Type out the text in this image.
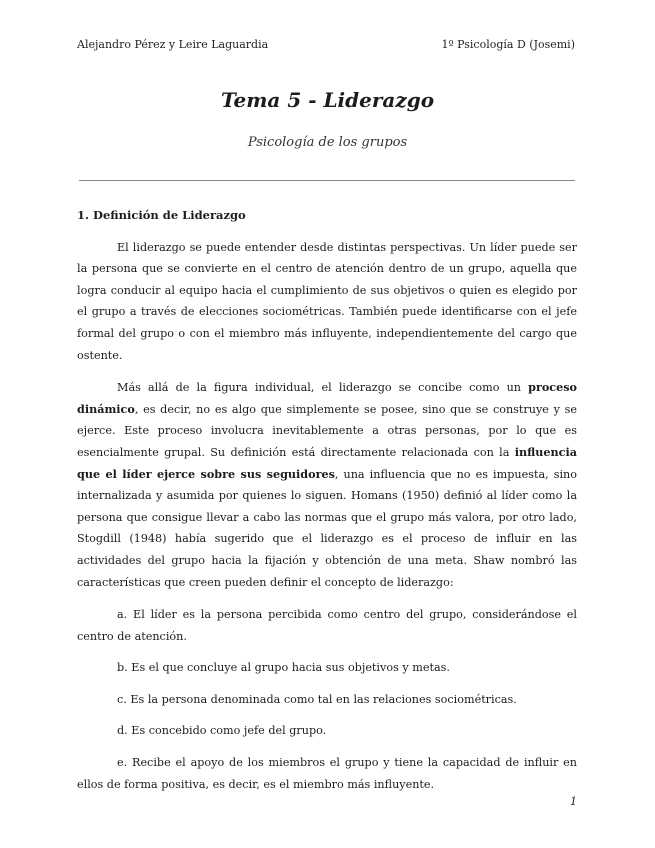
Alejandro Pérez y Leire Laguardia	1º Psicología D (Josemi)
Tema 5 - Liderazgo
Psicología de los grupos
1. Definición de Liderazgo

El liderazgo se puede entender desde distintas perspectivas. Un líder puede ser la persona que se convierte en el centro de atención dentro de un grupo, aquella que logra conducir al equipo hacia el cumplimiento de sus objetivos o quien es elegido por el grupo a través de elecciones sociométricas. También puede identificarse con el jefe formal del grupo o con el miembro más influyente, independientemente del cargo que ostente.

Más allá de la figura individual, el liderazgo se concibe como un proceso dinámico, es decir, no es algo que simplemente se posee, sino que se construye y se ejerce. Este proceso involucra inevitablemente a otras personas, por lo que es esencialmente grupal. Su definición está directamente relacionada con la influencia que el líder ejerce sobre sus seguidores, una influencia que no es impuesta, sino internalizada y asumida por quienes lo siguen. Homans (1950) definió al líder como la persona que consigue llevar a cabo las normas que el grupo más valora, por otro lado, Stogdill (1948) había sugerido que el liderazgo es el proceso de influir en las actividades del grupo hacia la fijación y obtención de una meta. Shaw nombró las características que creen pueden definir el concepto de liderazgo:

a. El líder es la persona percibida como centro del grupo, considerándose el centro de atención.

b. Es el que concluye al grupo hacia sus objetivos y metas.

c. Es la persona denominada como tal en las relaciones sociométricas.

d. Es concebido como jefe del grupo.

e. Recibe el apoyo de los miembros el grupo y tiene la capacidad de influir en ellos de forma positiva, es decir, es el miembro más influyente.

1
